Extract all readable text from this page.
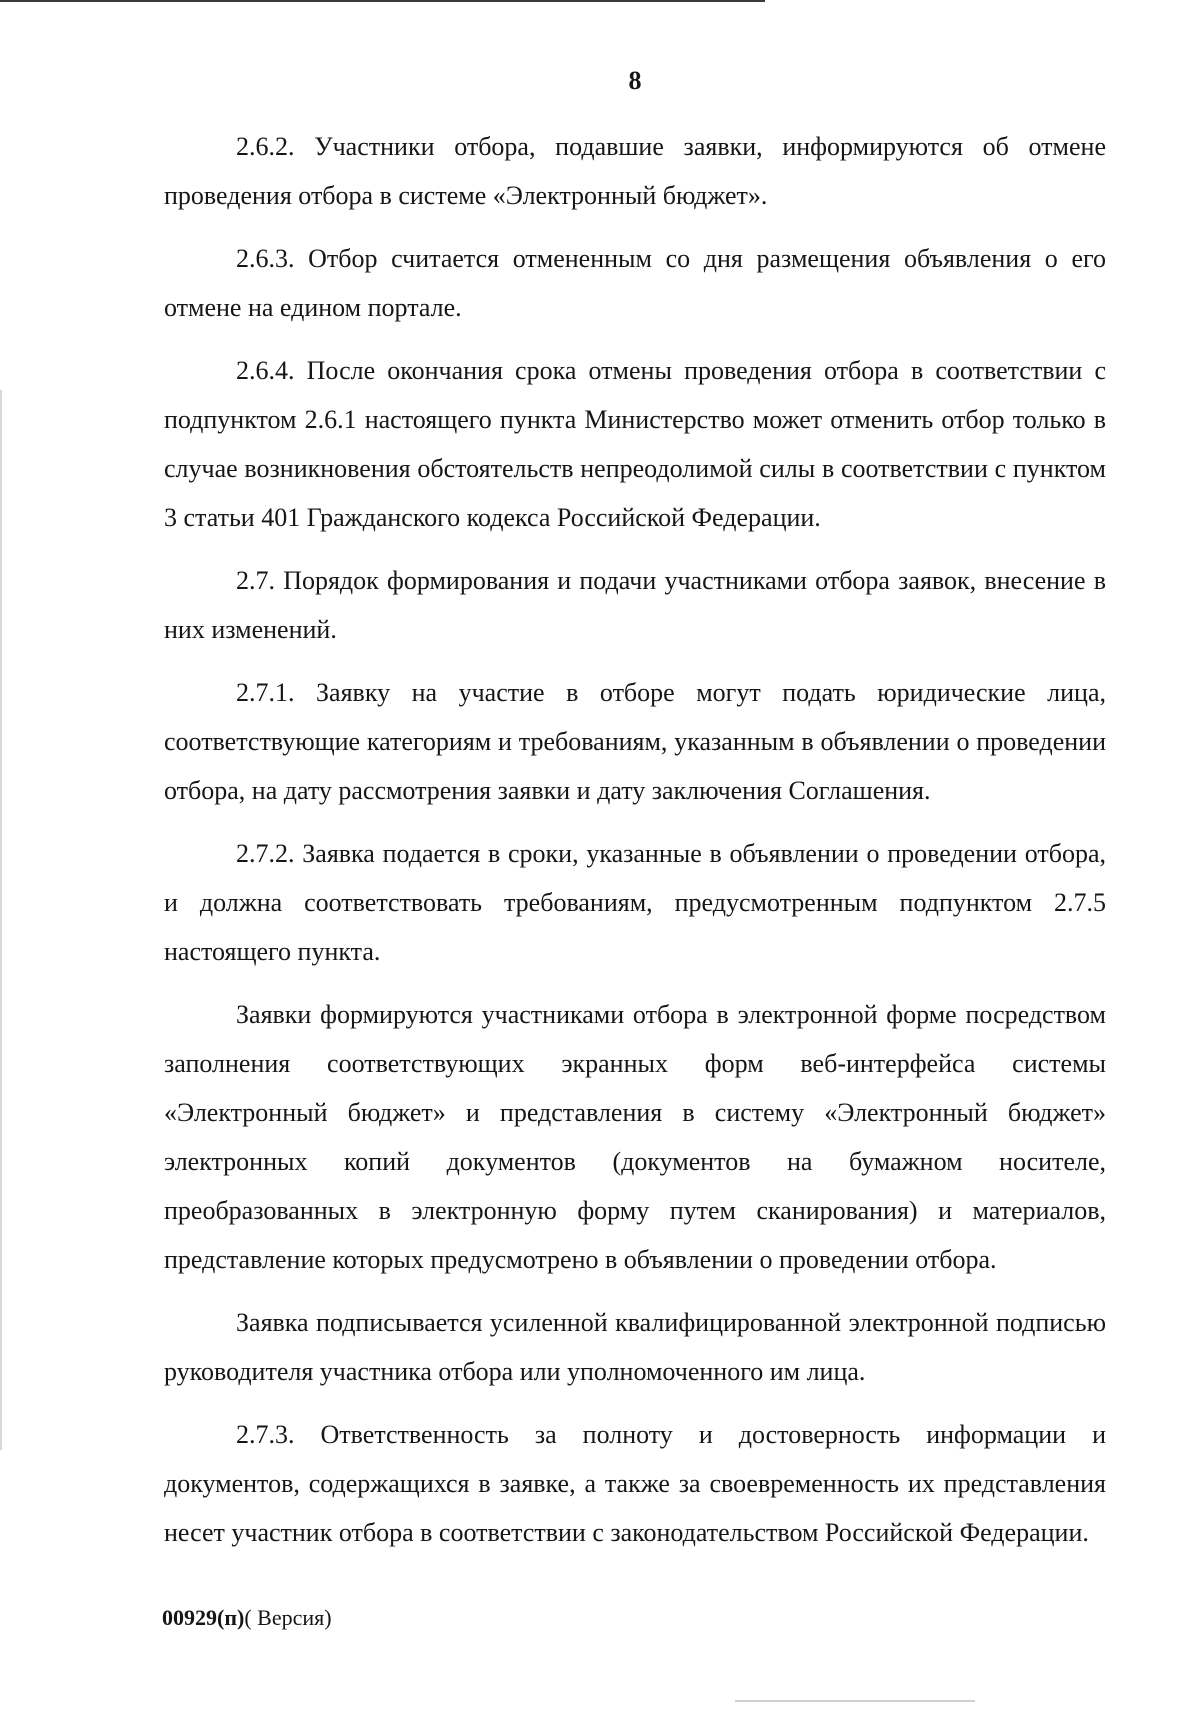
8

2.6.2. Участники отбора, подавшие заявки, информируются об отмене проведения отбора в системе «Электронный бюджет».

2.6.3. Отбор считается отмененным со дня размещения объявления о его отмене на едином портале.

2.6.4. После окончания срока отмены проведения отбора в соответствии с подпунктом 2.6.1 настоящего пункта Министерство может отменить отбор только в случае возникновения обстоятельств непреодолимой силы в соответствии с пунктом 3 статьи 401 Гражданского кодекса Российской Федерации.

2.7. Порядок формирования и подачи участниками отбора заявок, внесение в них изменений.

2.7.1. Заявку на участие в отборе могут подать юридические лица, соответствующие категориям и требованиям, указанным в объявлении о проведении отбора, на дату рассмотрения заявки и дату заключения Соглашения.

2.7.2. Заявка подается в сроки, указанные в объявлении о проведении отбора, и должна соответствовать требованиям, предусмотренным подпунктом 2.7.5 настоящего пункта.

Заявки формируются участниками отбора в электронной форме посредством заполнения соответствующих экранных форм веб-интерфейса системы «Электронный бюджет» и представления в систему «Электронный бюджет» электронных копий документов (документов на бумажном носителе, преобразованных в электронную форму путем сканирования) и материалов, представление которых предусмотрено в объявлении о проведении отбора.

Заявка подписывается усиленной квалифицированной электронной подписью руководителя участника отбора или уполномоченного им лица.

2.7.3. Ответственность за полноту и достоверность информации и документов, содержащихся в заявке, а также за своевременность их представления несет участник отбора в соответствии с законодательством Российской Федерации.

00929(п)( Версия)
